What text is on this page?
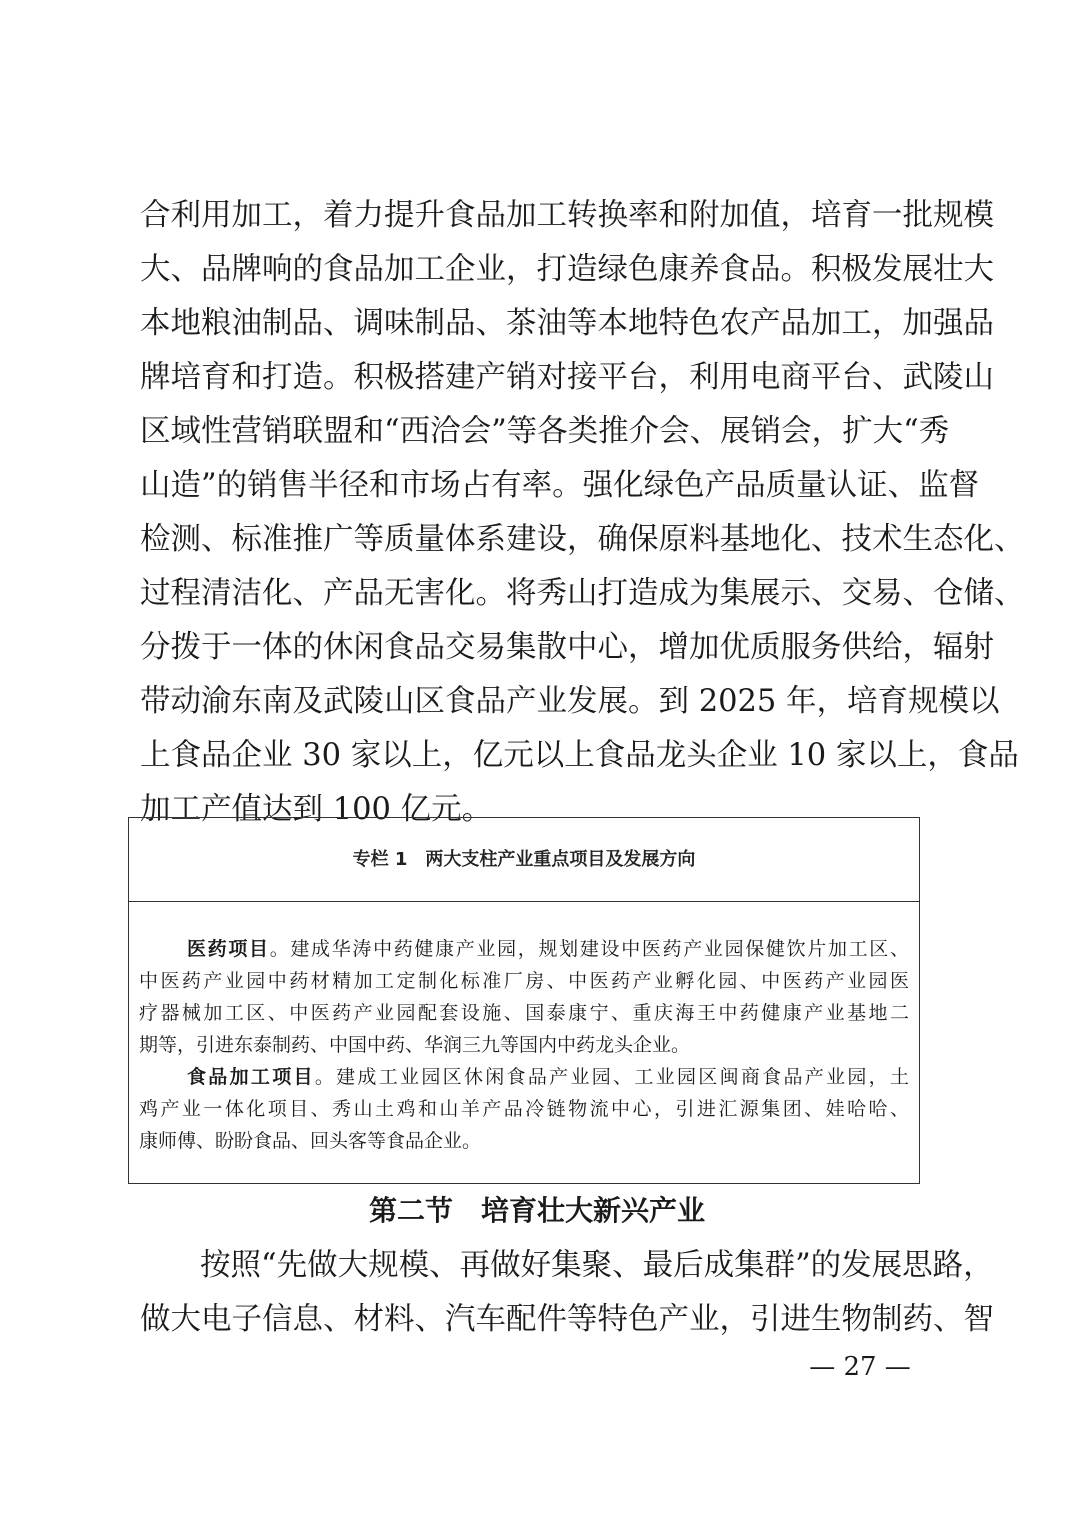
合利用加工，着力提升食品加工转换率和附加值，培育一批规模
大、品牌响的食品加工企业，打造绿色康养食品。积极发展壮大
本地粮油制品、调味制品、茶油等本地特色农产品加工，加强品
牌培育和打造。积极搭建产销对接平台，利用电商平台、武陵山
区域性营销联盟和“西洽会”等各类推介会、展销会，扩大“秀
山造”的销售半径和市场占有率。强化绿色产品质量认证、监督
检测、标准推广等质量体系建设，确保原料基地化、技术生态化、
过程清洁化、产品无害化。将秀山打造成为集展示、交易、仓储、
分拨于一体的休闲食品交易集散中心，增加优质服务供给，辐射
带动渝东南及武陵山区食品产业发展。到 2025 年，培育规模以
上食品企业 30 家以上，亿元以上食品龙头企业 10 家以上，食品
加工产值达到 100 亿元。
专栏 1　两大支柱产业重点项目及发展方向
医药项目。建成华涛中药健康产业园，规划建设中医药产业园保健饮片加工区、
中医药产业园中药材精加工定制化标准厂房、中医药产业孵化园、中医药产业园医
疗器械加工区、中医药产业园配套设施、国泰康宁、重庆海王中药健康产业基地二
期等，引进东泰制药、中国中药、华润三九等国内中药龙头企业。
食品加工项目。建成工业园区休闲食品产业园、工业园区闽商食品产业园，土
鸡产业一体化项目、秀山土鸡和山羊产品冷链物流中心，引进汇源集团、娃哈哈、
康师傅、盼盼食品、回头客等食品企业。
第二节　培育壮大新兴产业
按照“先做大规模、再做好集聚、最后成集群”的发展思路，
做大电子信息、材料、汽车配件等特色产业，引进生物制药、智
— 27 —
